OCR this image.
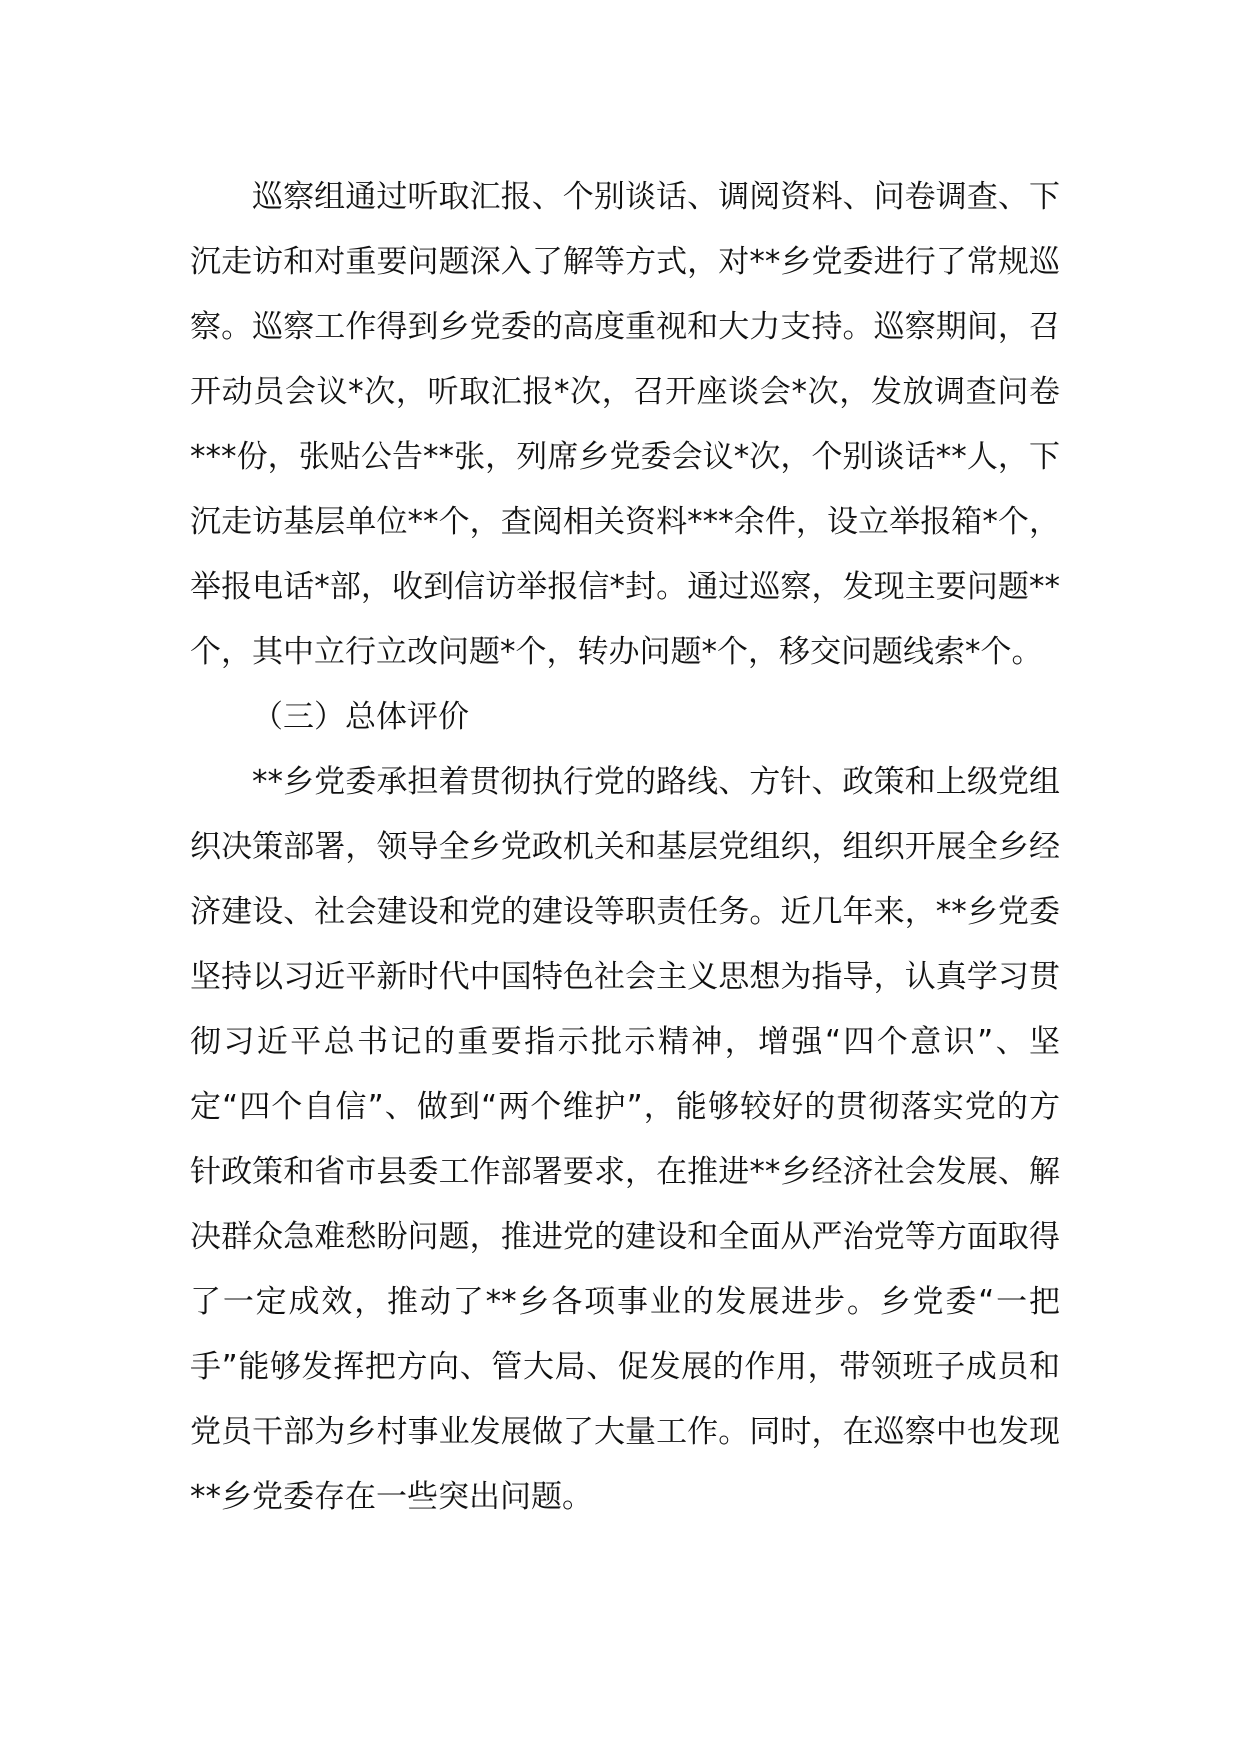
巡察组通过听取汇报、个别谈话、调阅资料、问卷调查、下沉走访和对重要问题深入了解等方式，对**乡党委进行了常规巡察。巡察工作得到乡党委的高度重视和大力支持。巡察期间，召开动员会议*次，听取汇报*次，召开座谈会*次，发放调查问卷***份，张贴公告**张，列席乡党委会议*次，个别谈话**人，下沉走访基层单位**个，查阅相关资料***余件，设立举报箱*个，举报电话*部，收到信访举报信*封。通过巡察，发现主要问题**个，其中立行立改问题*个，转办问题*个，移交问题线索*个。

（三）总体评价

**乡党委承担着贯彻执行党的路线、方针、政策和上级党组织决策部署，领导全乡党政机关和基层党组织，组织开展全乡经济建设、社会建设和党的建设等职责任务。近几年来，**乡党委坚持以习近平新时代中国特色社会主义思想为指导，认真学习贯彻习近平总书记的重要指示批示精神，增强“四个意识”、坚定“四个自信”、做到“两个维护”，能够较好的贯彻落实党的方针政策和省市县委工作部署要求，在推进**乡经济社会发展、解决群众急难愁盼问题，推进党的建设和全面从严治党等方面取得了一定成效，推动了**乡各项事业的发展进步。乡党委“一把手”能够发挥把方向、管大局、促发展的作用，带领班子成员和党员干部为乡村事业发展做了大量工作。同时，在巡察中也发现**乡党委存在一些突出问题。
